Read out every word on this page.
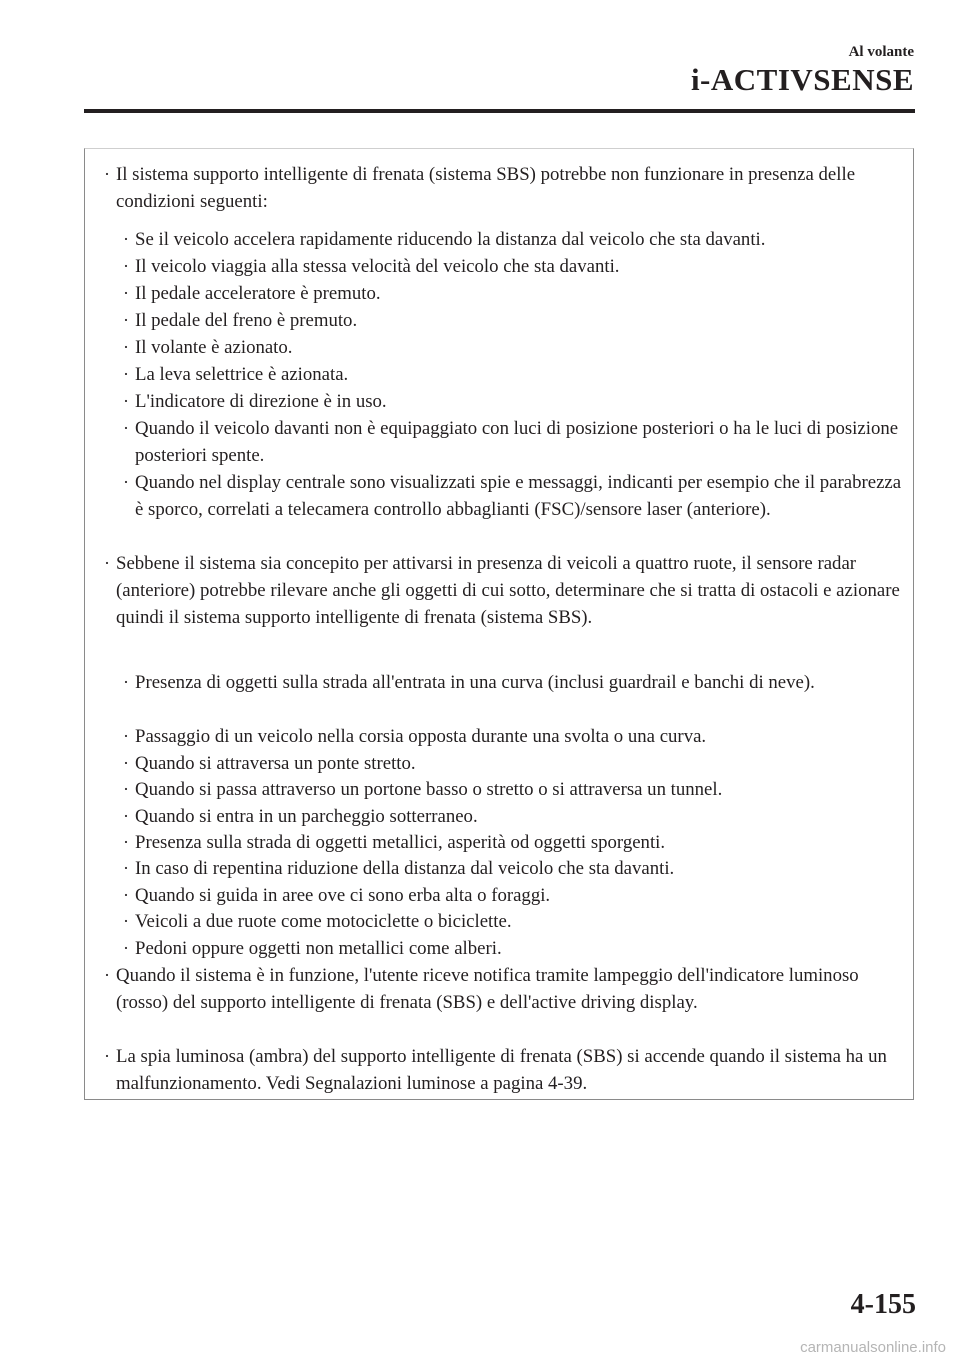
Al volante
i-ACTIVSENSE
· Il sistema supporto intelligente di frenata (sistema SBS) potrebbe non funzionare in presenza delle condizioni seguenti:
· Se il veicolo accelera rapidamente riducendo la distanza dal veicolo che sta davanti.
· Il veicolo viaggia alla stessa velocità del veicolo che sta davanti.
· Il pedale acceleratore è premuto.
· Il pedale del freno è premuto.
· Il volante è azionato.
· La leva selettrice è azionata.
· L'indicatore di direzione è in uso.
· Quando il veicolo davanti non è equipaggiato con luci di posizione posteriori o ha le luci di posizione posteriori spente.
· Quando nel display centrale sono visualizzati spie e messaggi, indicanti per esempio che il parabrezza è sporco, correlati a telecamera controllo abbaglianti (FSC)/sensore laser (anteriore).
· Sebbene il sistema sia concepito per attivarsi in presenza di veicoli a quattro ruote, il sensore radar (anteriore) potrebbe rilevare anche gli oggetti di cui sotto, determinare che si tratta di ostacoli e azionare quindi il sistema supporto intelligente di frenata (sistema SBS).
· Presenza di oggetti sulla strada all'entrata in una curva (inclusi guardrail e banchi di neve).
· Passaggio di un veicolo nella corsia opposta durante una svolta o una curva.
· Quando si attraversa un ponte stretto.
· Quando si passa attraverso un portone basso o stretto o si attraversa un tunnel.
· Quando si entra in un parcheggio sotterraneo.
· Presenza sulla strada di oggetti metallici, asperità od oggetti sporgenti.
· In caso di repentina riduzione della distanza dal veicolo che sta davanti.
· Quando si guida in aree ove ci sono erba alta o foraggi.
· Veicoli a due ruote come motociclette o biciclette.
· Pedoni oppure oggetti non metallici come alberi.
· Quando il sistema è in funzione, l'utente riceve notifica tramite lampeggio dell'indicatore luminoso (rosso) del supporto intelligente di frenata (SBS) e dell'active driving display.
· La spia luminosa (ambra) del supporto intelligente di frenata (SBS) si accende quando il sistema ha un malfunzionamento. Vedi Segnalazioni luminose a pagina 4-39.
4-155
carmanualsonline.info
